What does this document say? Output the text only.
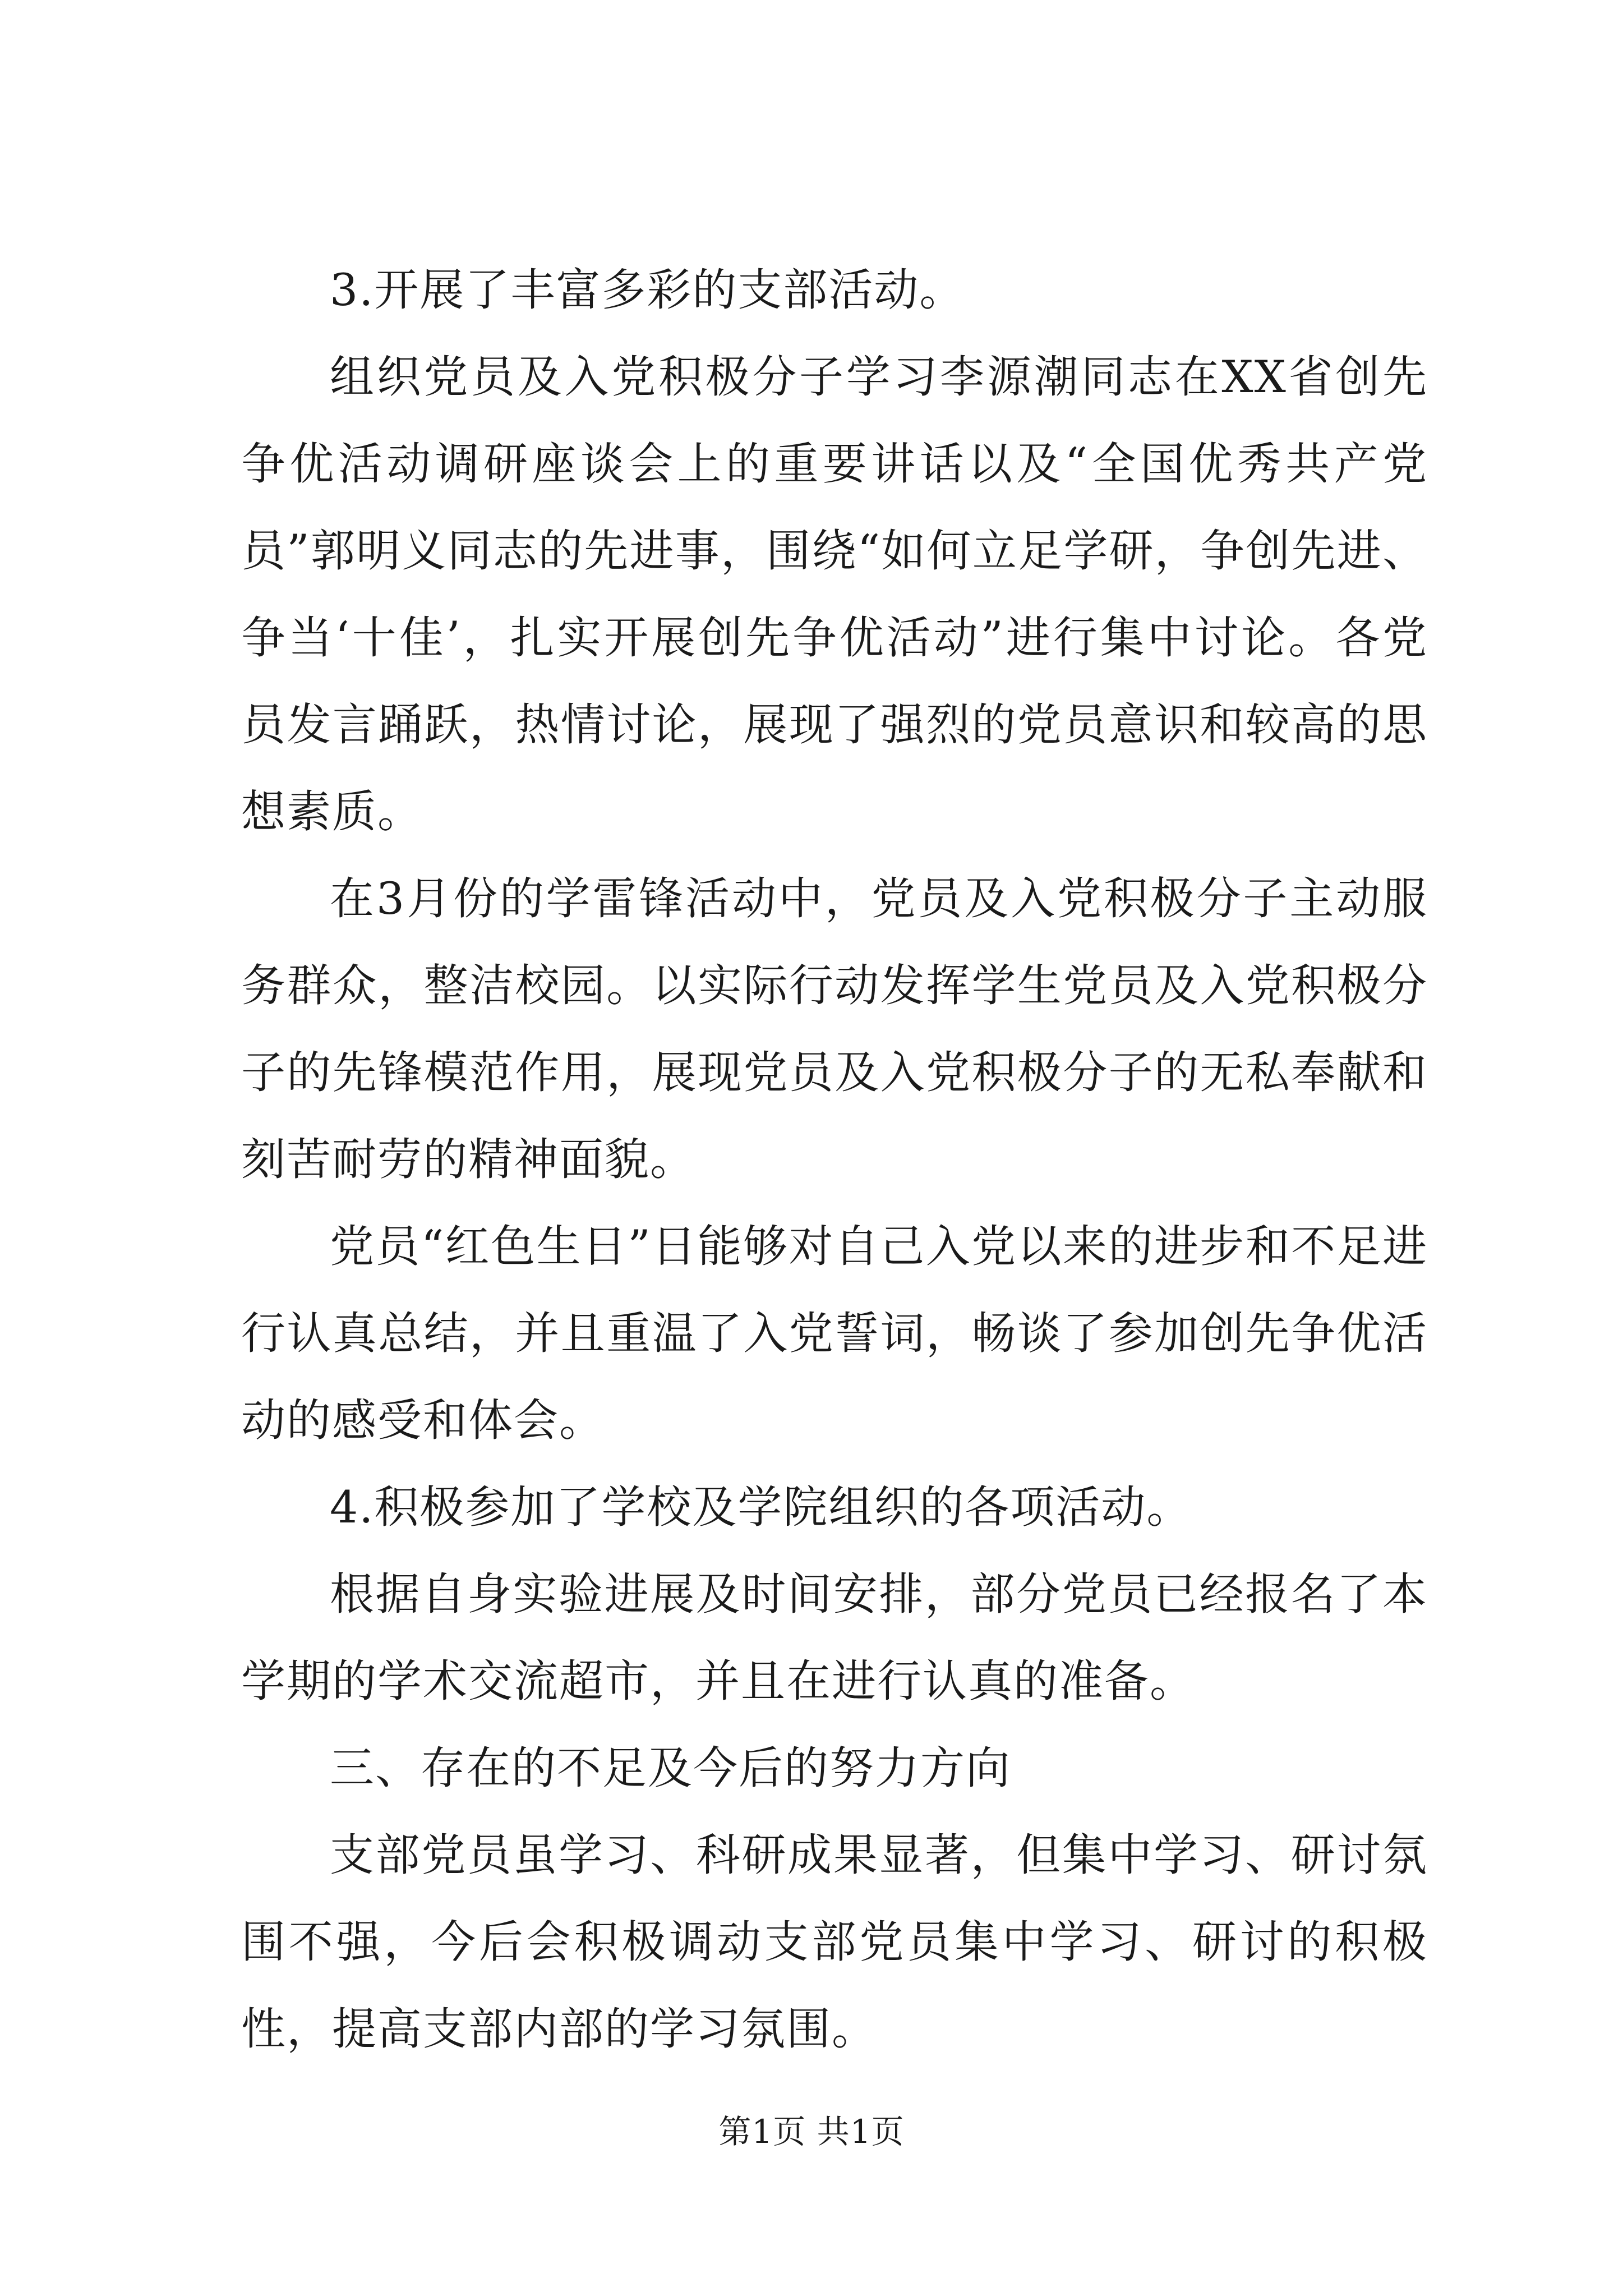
3.开展了丰富多彩的支部活动。

组织党员及入党积极分子学习李源潮同志在XX省创先争优活动调研座谈会上的重要讲话以及“全国优秀共产党员”郭明义同志的先进事，围绕“如何立足学研，争创先进、争当‘十佳’，扎实开展创先争优活动”进行集中讨论。各党员发言踊跃，热情讨论，展现了强烈的党员意识和较高的思想素质。

在3月份的学雷锋活动中，党员及入党积极分子主动服务群众，整洁校园。以实际行动发挥学生党员及入党积极分子的先锋模范作用，展现党员及入党积极分子的无私奉献和刻苦耐劳的精神面貌。

党员“红色生日”日能够对自己入党以来的进步和不足进行认真总结，并且重温了入党誓词，畅谈了参加创先争优活动的感受和体会。

4.积极参加了学校及学院组织的各项活动。

根据自身实验进展及时间安排，部分党员已经报名了本学期的学术交流超市，并且在进行认真的准备。

三、存在的不足及今后的努力方向

支部党员虽学习、科研成果显著，但集中学习、研讨氛围不强，今后会积极调动支部党员集中学习、研讨的积极性，提高支部内部的学习氛围。

第1页 共1页
